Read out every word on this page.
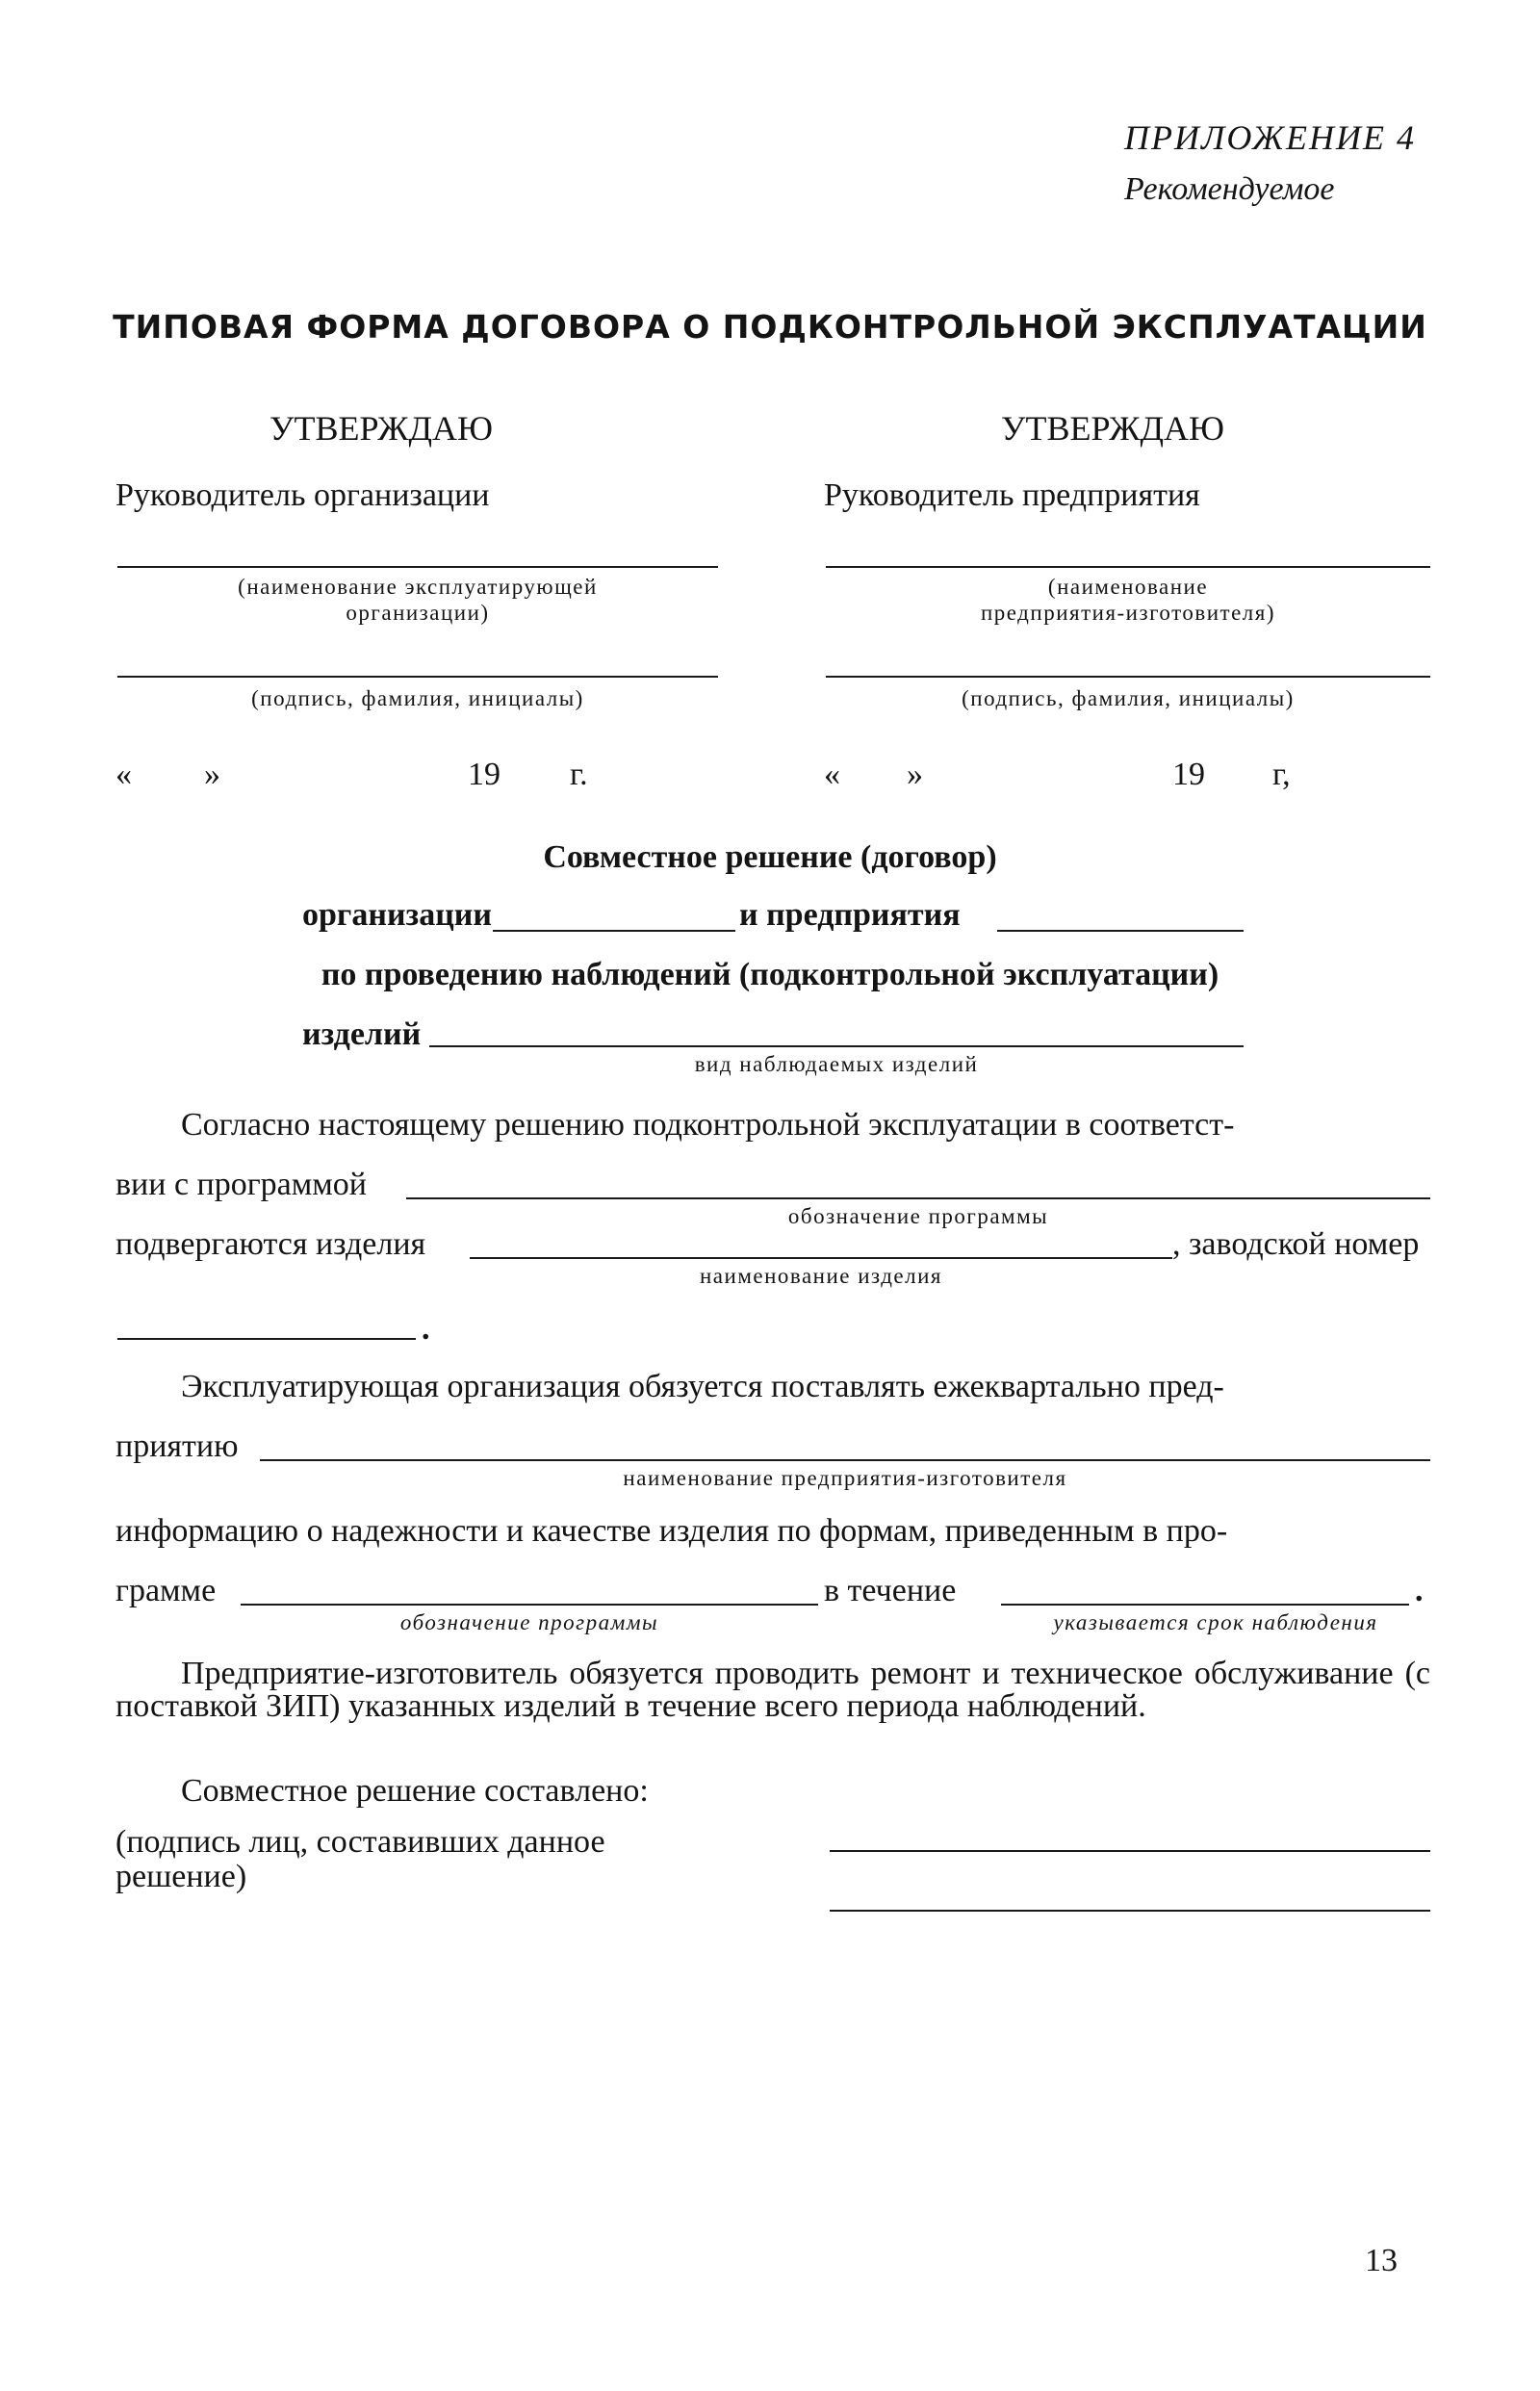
ПРИЛОЖЕНИЕ 4
Рекомендуемое
ТИПОВАЯ ФОРМА ДОГОВОРА О ПОДКОНТРОЛЬНОЙ ЭКСПЛУАТАЦИИ
УТВЕРЖДАЮ
Руководитель организации
(наименование эксплуатирующей
организации)
(подпись, фамилия, инициалы)
« »	19 г.
УТВЕРЖДАЮ
Руководитель предприятия
(наименование
предприятия-изготовителя)
(подпись, фамилия, инициалы)
« »	19 г,
Совместное решение (договор)
организации	и предприятия
по проведению наблюдений (подконтрольной эксплуатации)
изделий
вид наблюдаемых изделий
Согласно настоящему решению подконтрольной эксплуатации в соответст-
вии с программой
обозначение программы
подвергаются изделия	, заводской номер
наименование изделия
.
Эксплуатирующая организация обязуется поставлять ежеквартально пред-
приятию
наименование предприятия-изготовителя
информацию о надежности и качестве изделия по формам, приведенным в про-
грамме	в течение	.
обозначение программы	указывается срок наблюдения
Предприятие-изготовитель обязуется проводить ремонт и техническое обслуживание (с поставкой ЗИП) указанных изделий в течение всего периода наблюдений.
Совместное решение составлено:
(подпись лиц, составивших данное
решение)
13
